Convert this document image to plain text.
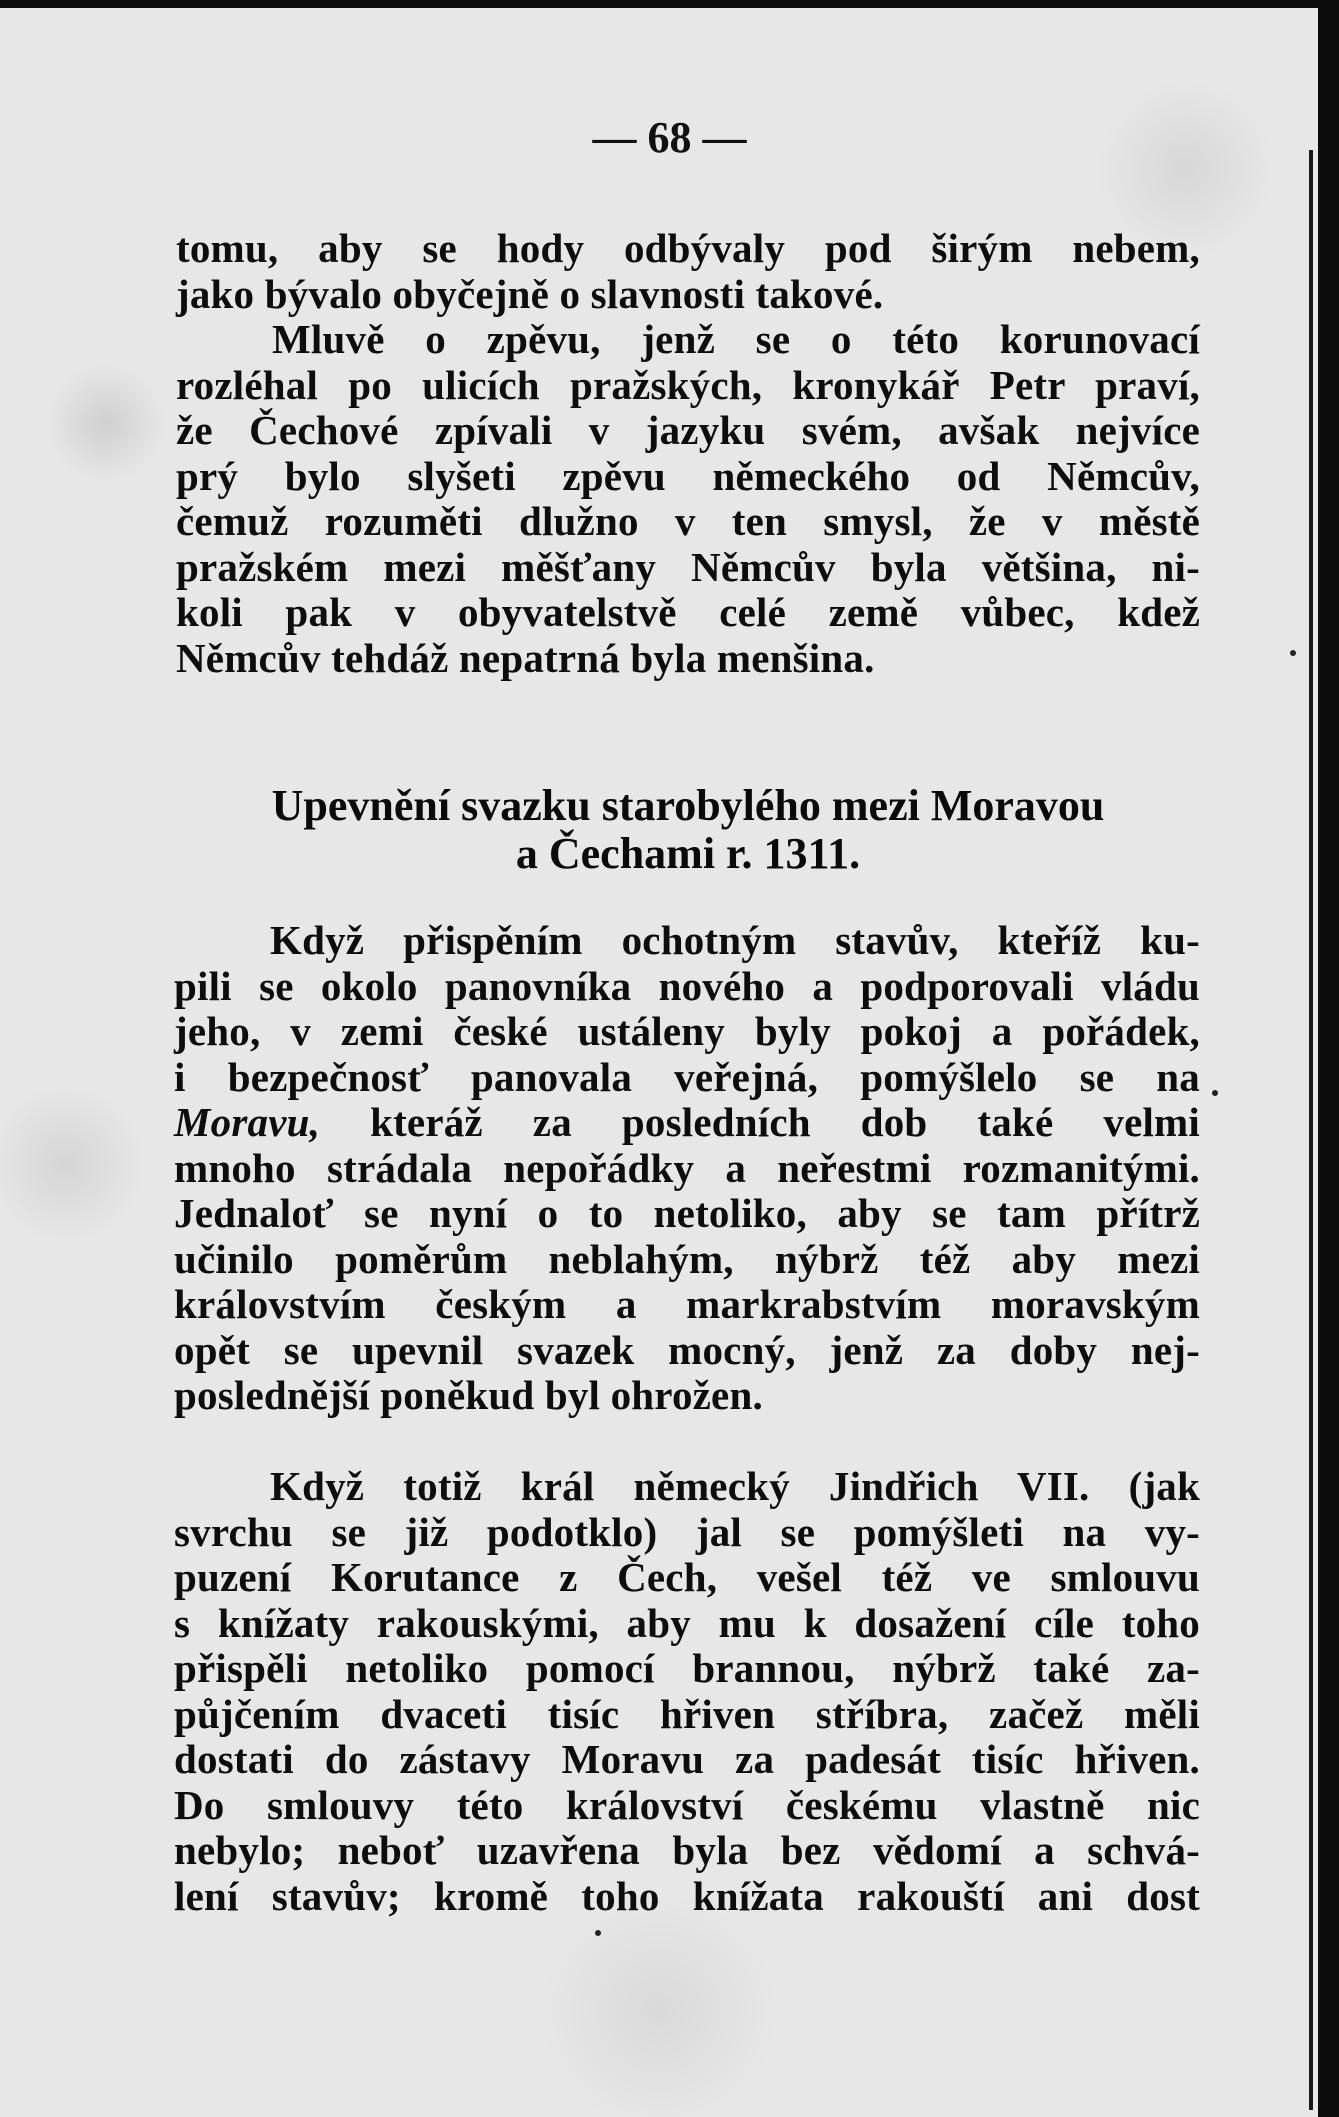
— 68 —
tomu, aby se hody odbývaly pod širým nebem,
jako bývalo obyčejně o slavnosti takové.
Mluvě o zpěvu, jenž se o této korunovací
rozléhal po ulicích pražských, kronykář Petr praví,
že Čechové zpívali v jazyku svém, avšak nejvíce
prý bylo slyšeti zpěvu německého od Němcův,
čemuž rozuměti dlužno v ten smysl, že v městě
pražském mezi měšťany Němcův byla většina, ni-
koli pak v obyvatelstvě celé země vůbec, kdež
Němcův tehdáž nepatrná byla menšina.
Upevnění svazku starobylého mezi Moravou
a Čechami r. 1311.
Když přispěním ochotným stavův, kteříž ku-
pili se okolo panovníka nového a podporovali vládu
jeho, v zemi české ustáleny byly pokoj a pořádek,
i bezpečnosť panovala veřejná, pomýšlelo se na
Moravu, kteráž za posledních dob také velmi
mnoho strádala nepořádky a neřestmi rozmanitými.
Jednaloť se nyní o to netoliko, aby se tam přítrž
učinilo poměrům neblahým, nýbrž též aby mezi
královstvím českým a markrabstvím moravským
opět se upevnil svazek mocný, jenž za doby nej-
poslednější poněkud byl ohrožen.
Když totiž král německý Jindřich VII. (jak
svrchu se již podotklo) jal se pomýšleti na vy-
puzení Korutance z Čech, vešel též ve smlouvu
s knížaty rakouskými, aby mu k dosažení cíle toho
přispěli netoliko pomocí brannou, nýbrž také za-
půjčením dvaceti tisíc hřiven stříbra, začež měli
dostati do zástavy Moravu za padesát tisíc hřiven.
Do smlouvy této království českému vlastně nic
nebylo; neboť uzavřena byla bez vědomí a schvá-
lení stavův; kromě toho knížata rakouští ani dost
